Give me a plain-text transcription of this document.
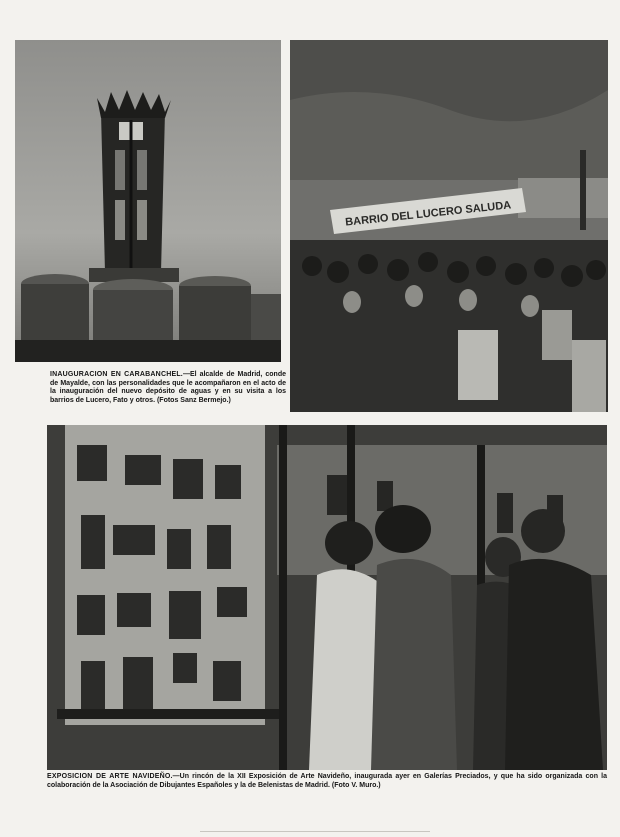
BARRIO DEL LUCERO SALUDA

INAUGURACION EN CARABANCHEL.—El alcalde de Madrid, conde de Mayalde, con las personalidades que le acompañaron en el acto de la inauguración del nuevo depósito de aguas y en su visita a los barrios de Lucero, Fato y otros. (Fotos Sanz Bermejo.)

EXPOSICION DE ARTE NAVIDEÑO.—Un rincón de la XII Exposición de Arte Navideño, inaugurada ayer en Galerías Preciados, y que ha sido organizada con la colaboración de la Asociación de Dibujantes Españoles y la de Belenistas de Madrid. (Foto V. Muro.)
